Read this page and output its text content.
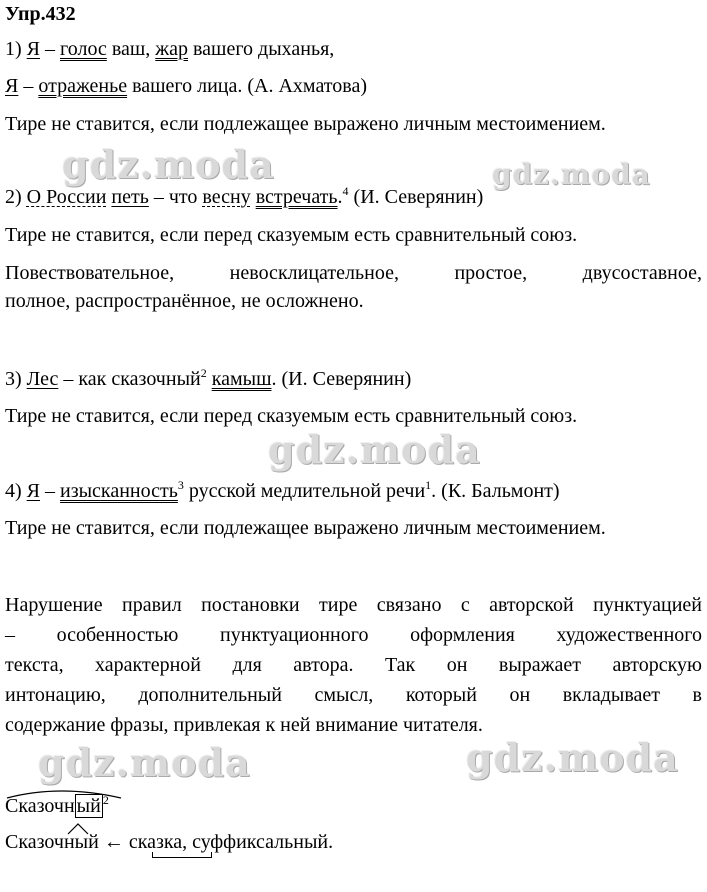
Упр.432
1) Я – голос ваш, жар вашего дыханья,
Я – отраженье вашего лица. (А. Ахматова)
Тире не ставится, если подлежащее выражено личным местоимением.
2) О России петь – что весну встречать.$^4$ (И. Северянин)
Тире не ставится, если перед сказуемым есть сравнительный союз.
Повествовательное, невосклицательное, простое, двусоставное,
полное, распространённое, не осложнено.
3) Лес – как сказочный$^2$ камыш. (И. Северянин)
Тире не ставится, если перед сказуемым есть сравнительный союз.
4) Я – изысканность$^3$ русской медлительной речи$^1$. (К. Бальмонт)
Тире не ставится, если подлежащее выражено личным местоимением.
Нарушение правил постановки тире связано с авторской пунктуацией
– особенностью пунктуационного оформления художественного
текста, характерной для автора. Так он выражает авторскую
интонацию, дополнительный смысл, который он вкладывает в
содержание фразы, привлекая к ней внимание читателя.
Сказочн ый $^2$
Сказочный ← сказка, суффиксальный.
gdz.moda	gdz.moda
gdz.moda
gdz.moda	gdz.moda
